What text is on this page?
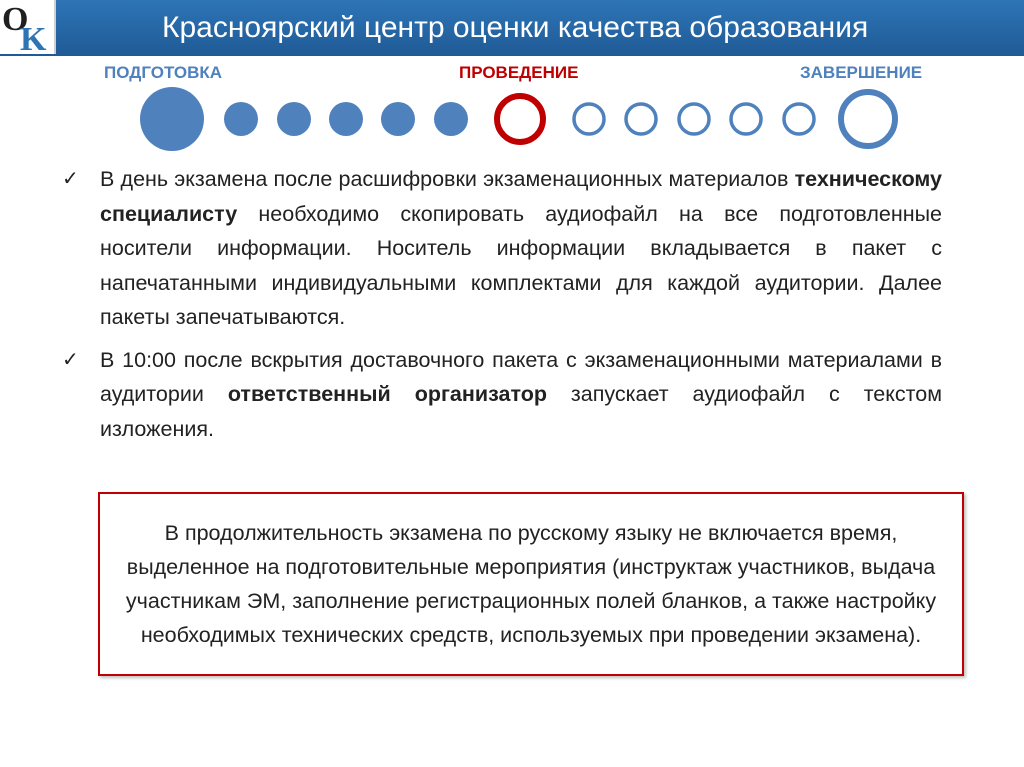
O
K	Красноярский центр оценки качества образования
ПОДГОТОВКА	ПРОВЕДЕНИЕ	ЗАВЕРШЕНИЕ
✓ В день экзамена после расшифровки экзаменационных материалов техническому специалисту необходимо скопировать аудиофайл на все подготовленные носители информации. Носитель информации вкладывается в пакет с напечатанными индивидуальными комплектами для каждой аудитории. Далее пакеты запечатываются.
✓ В 10:00 после вскрытия доставочного пакета с экзаменационными материалами в аудитории ответственный организатор запускает аудиофайл с текстом изложения.
В продолжительность экзамена по русскому языку не включается время, выделенное на подготовительные мероприятия (инструктаж участников, выдача участникам ЭМ, заполнение регистрационных полей бланков, а также настройку необходимых технических средств, используемых при проведении экзамена).
